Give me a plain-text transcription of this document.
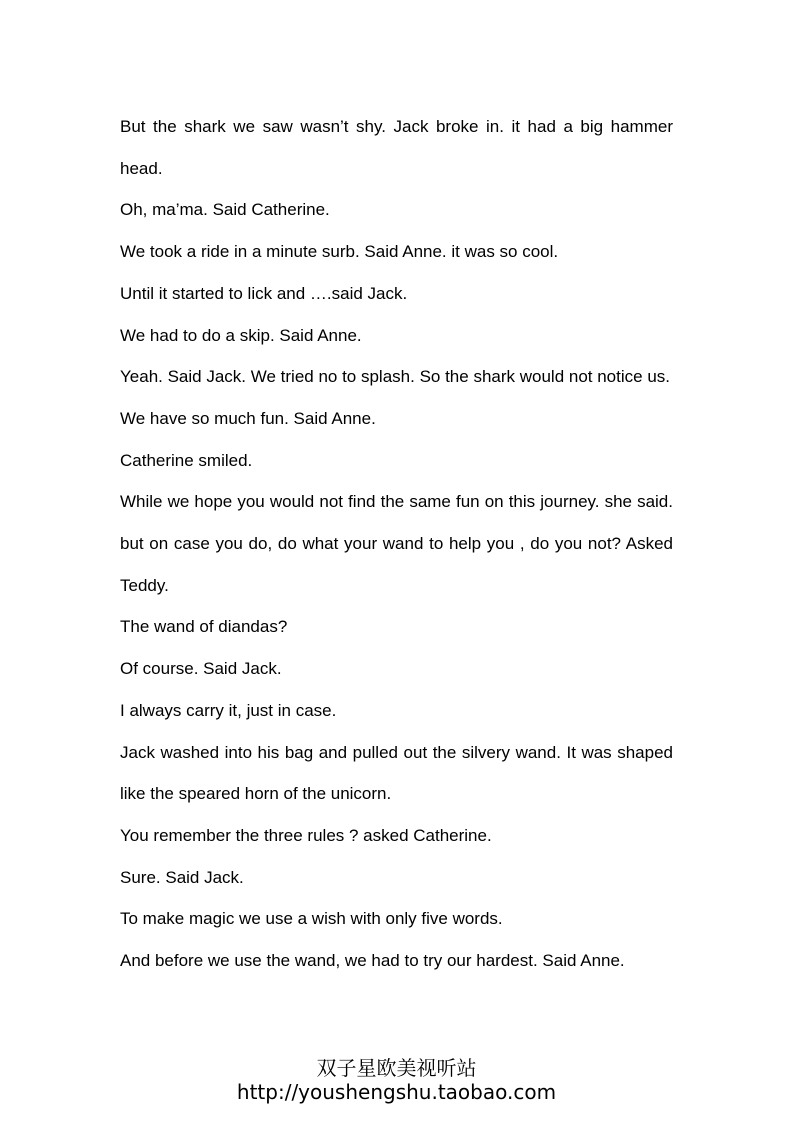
But the shark we saw wasn’t shy. Jack broke in. it had a big hammer head.

Oh, ma’ma. Said Catherine.

We took a ride in a minute surb. Said Anne. it was so cool.

Until it started to lick and ….said Jack.

We had to do a skip. Said Anne.

Yeah. Said Jack. We tried no to splash. So the shark would not notice us.

We have so much fun. Said Anne.

Catherine smiled.

While we hope you would not find the same fun on this journey. she said. but on case you do, do what your wand to help you , do you not? Asked Teddy.

The wand of diandas?

Of course. Said Jack.

I always carry it, just in case.

Jack washed into his bag and pulled out the silvery wand. It was shaped like the speared horn of the unicorn.

You remember the three rules ? asked Catherine.

Sure. Said Jack.

To make magic we use a wish with only five words.

And before we use the wand, we had to try our hardest. Said Anne.

双子星欧美视听站
http://youshengshu.taobao.com
